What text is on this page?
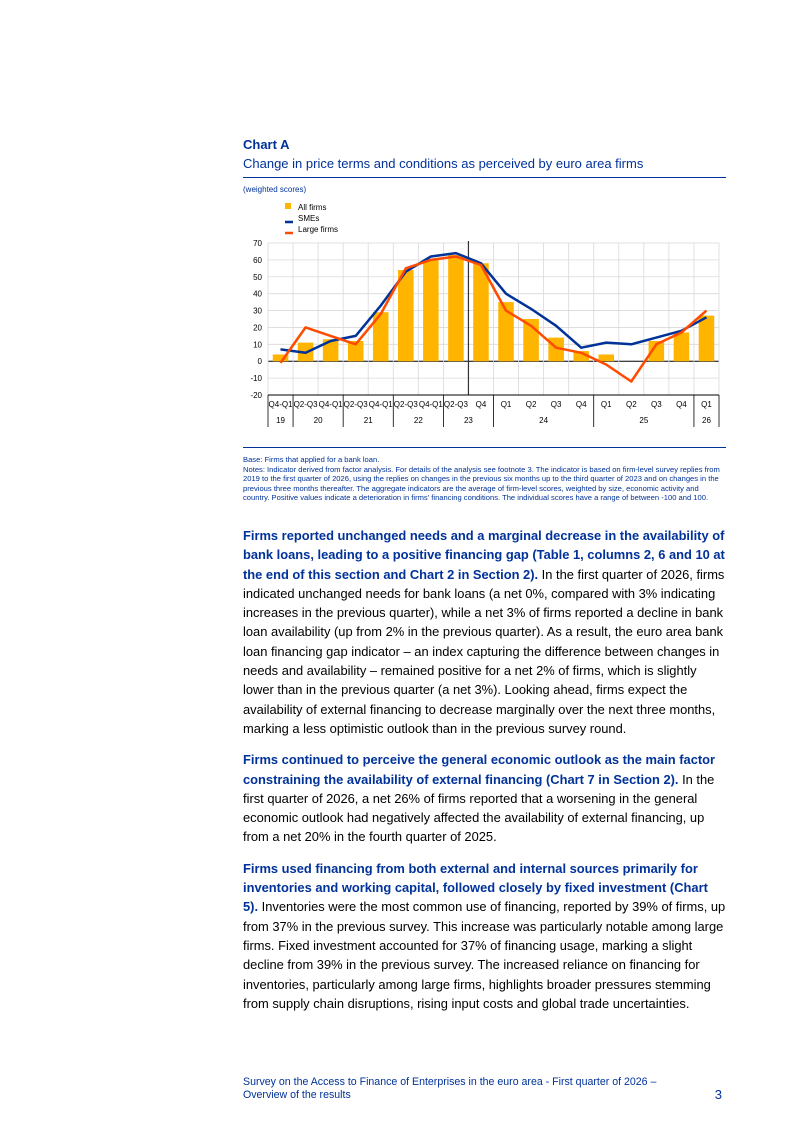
Chart A
Change in price terms and conditions as perceived by euro area firms
(weighted scores)
-20
-10
0
10
20
30
40
50
60
70
Q4-Q1 Q2-Q3 Q4-Q1 Q2-Q3 Q4-Q1 Q2-Q3 Q4-Q1 Q2-Q3 Q4 Q1 Q2 Q3 Q4 Q1 Q2 Q3 Q4 Q1
19	20	21	22	23	24	25	26
All firms
SMEs
Large firms

Base: Firms that applied for a bank loan.

Notes: Indicator derived from factor analysis. For details of the analysis see footnote 3. The indicator is based on firm-level survey replies from 2019 to the first quarter of 2026, using the replies on changes in the previous six months up to the third quarter of 2023 and on changes in the previous three months thereafter. The aggregate indicators are the average of firm-level scores, weighted by size, economic activity and country. Positive values indicate a deterioration in firms' financing conditions. The individual scores have a range of between -100 and 100.

Firms reported unchanged needs and a marginal decrease in the availability of bank loans, leading to a positive financing gap (Table 1, columns 2, 6 and 10 at the end of this section and Chart 2 in Section 2). In the first quarter of 2026, firms indicated unchanged needs for bank loans (a net 0%, compared with 3% indicating increases in the previous quarter), while a net 3% of firms reported a decline in bank loan availability (up from 2% in the previous quarter). As a result, the euro area bank loan financing gap indicator – an index capturing the difference between changes in needs and availability – remained positive for a net 2% of firms, which is slightly lower than in the previous quarter (a net 3%). Looking ahead, firms expect the availability of external financing to decrease marginally over the next three months, marking a less optimistic outlook than in the previous survey round.

Firms continued to perceive the general economic outlook as the main factor constraining the availability of external financing (Chart 7 in Section 2). In the first quarter of 2026, a net 26% of firms reported that a worsening in the general economic outlook had negatively affected the availability of external financing, up from a net 20% in the fourth quarter of 2025.

Firms used financing from both external and internal sources primarily for inventories and working capital, followed closely by fixed investment (Chart 5). Inventories were the most common use of financing, reported by 39% of firms, up from 37% in the previous survey. This increase was particularly notable among large firms. Fixed investment accounted for 37% of financing usage, marking a slight decline from 39% in the previous survey. The increased reliance on financing for inventories, particularly among large firms, highlights broader pressures stemming from supply chain disruptions, rising input costs and global trade uncertainties.

Survey on the Access to Finance of Enterprises in the euro area - First quarter of 2026 – Overview of the results	3
